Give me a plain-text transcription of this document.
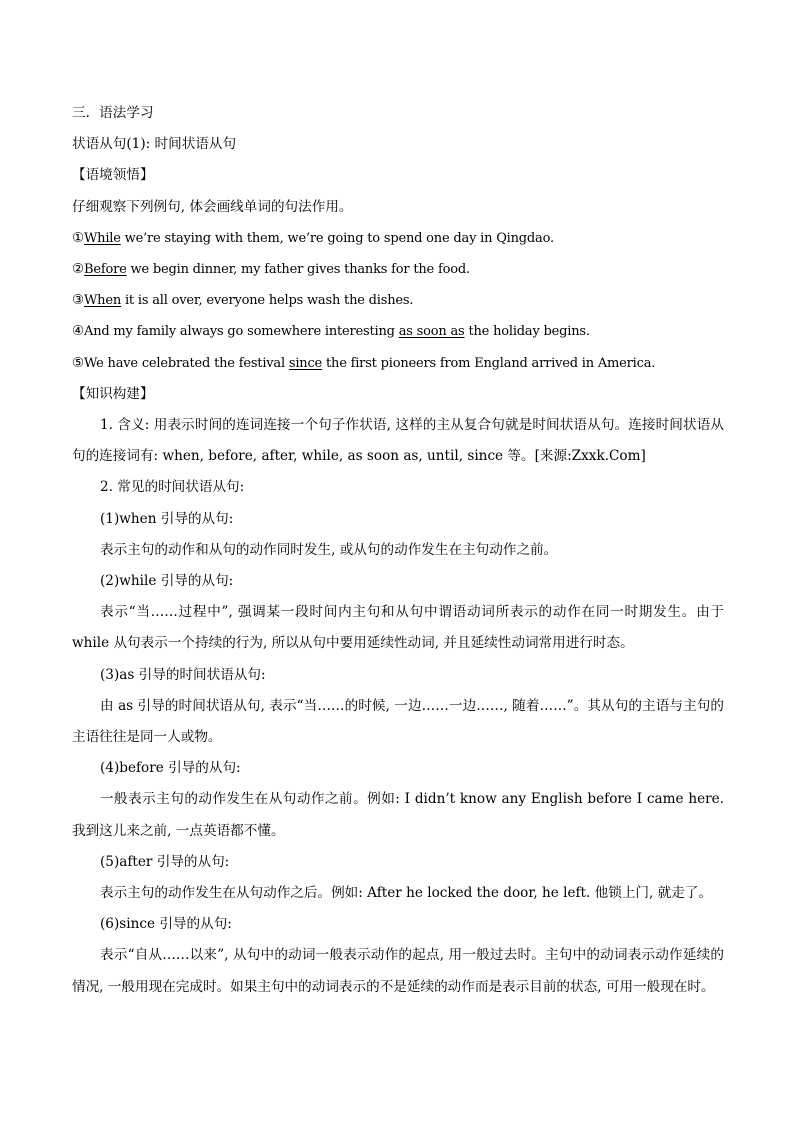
三．语法学习
状语从句(1): 时间状语从句
【语境领悟】
仔细观察下列例句, 体会画线单词的句法作用。
①While we’re staying with them, we’re going to spend one day in Qingdao.
②Before we begin dinner, my father gives thanks for the food.
③When it is all over, everyone helps wash the dishes.
④And my family always go somewhere interesting as soon as the holiday begins.
⑤We have celebrated the festival since the first pioneers from England arrived in America.
【知识构建】
1. 含义: 用表示时间的连词连接一个句子作状语, 这样的主从复合句就是时间状语从句。连接时间状语从句的连接词有: when, before, after, while, as soon as, until, since 等。[来源:Zxxk.Com]
2. 常见的时间状语从句:
(1)when 引导的从句:
表示主句的动作和从句的动作同时发生, 或从句的动作发生在主句动作之前。
(2)while 引导的从句:
表示“当……过程中”, 强调某一段时间内主句和从句中谓语动词所表示的动作在同一时期发生。由于 while 从句表示一个持续的行为, 所以从句中要用延续性动词, 并且延续性动词常用进行时态。
(3)as 引导的时间状语从句:
由 as 引导的时间状语从句, 表示“当……的时候, 一边……一边……, 随着……”。其从句的主语与主句的主语往往是同一人或物。
(4)before 引导的从句:
一般表示主句的动作发生在从句动作之前。例如: I didn’t know any English before I came here. 我到这儿来之前, 一点英语都不懂。
(5)after 引导的从句:
表示主句的动作发生在从句动作之后。例如: After he locked the door, he left. 他锁上门, 就走了。
(6)since 引导的从句:
表示“自从……以来”, 从句中的动词一般表示动作的起点, 用一般过去时。主句中的动词表示动作延续的情况, 一般用现在完成时。如果主句中的动词表示的不是延续的动作而是表示目前的状态, 可用一般现在时。
